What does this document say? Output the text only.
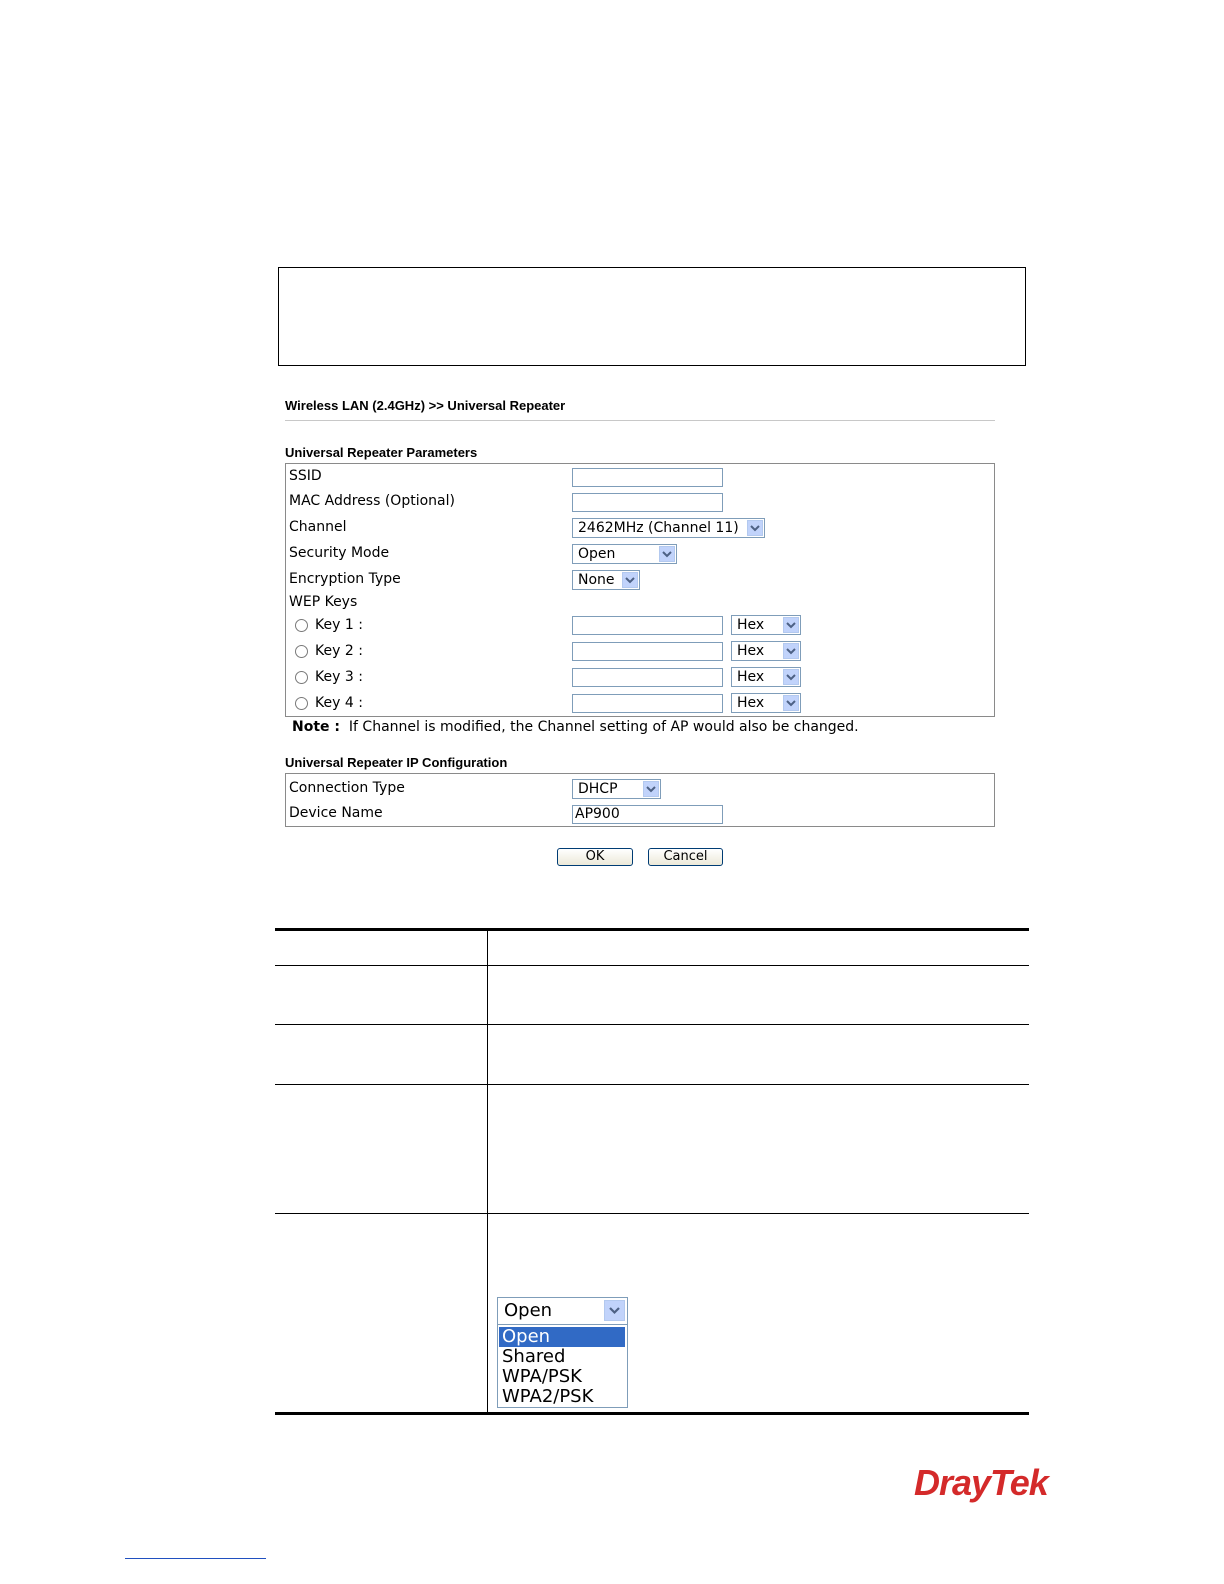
Wireless LAN (2.4GHz) >> Universal Repeater
Universal Repeater Parameters
SSID
MAC Address (Optional)
Channel	2462MHz (Channel 11)
Security Mode	Open
Encryption Type	None
WEP Keys
Key 1 :	Hex
Key 2 :	Hex
Key 3 :	Hex
Key 4 :	Hex
Note : If Channel is modified, the Channel setting of AP would also be changed.
Universal Repeater IP Configuration
Connection Type	DHCP
Device Name	AP900
OK	Cancel
Open
Open
Shared
WPA/PSK
WPA2/PSK
DrayTek
